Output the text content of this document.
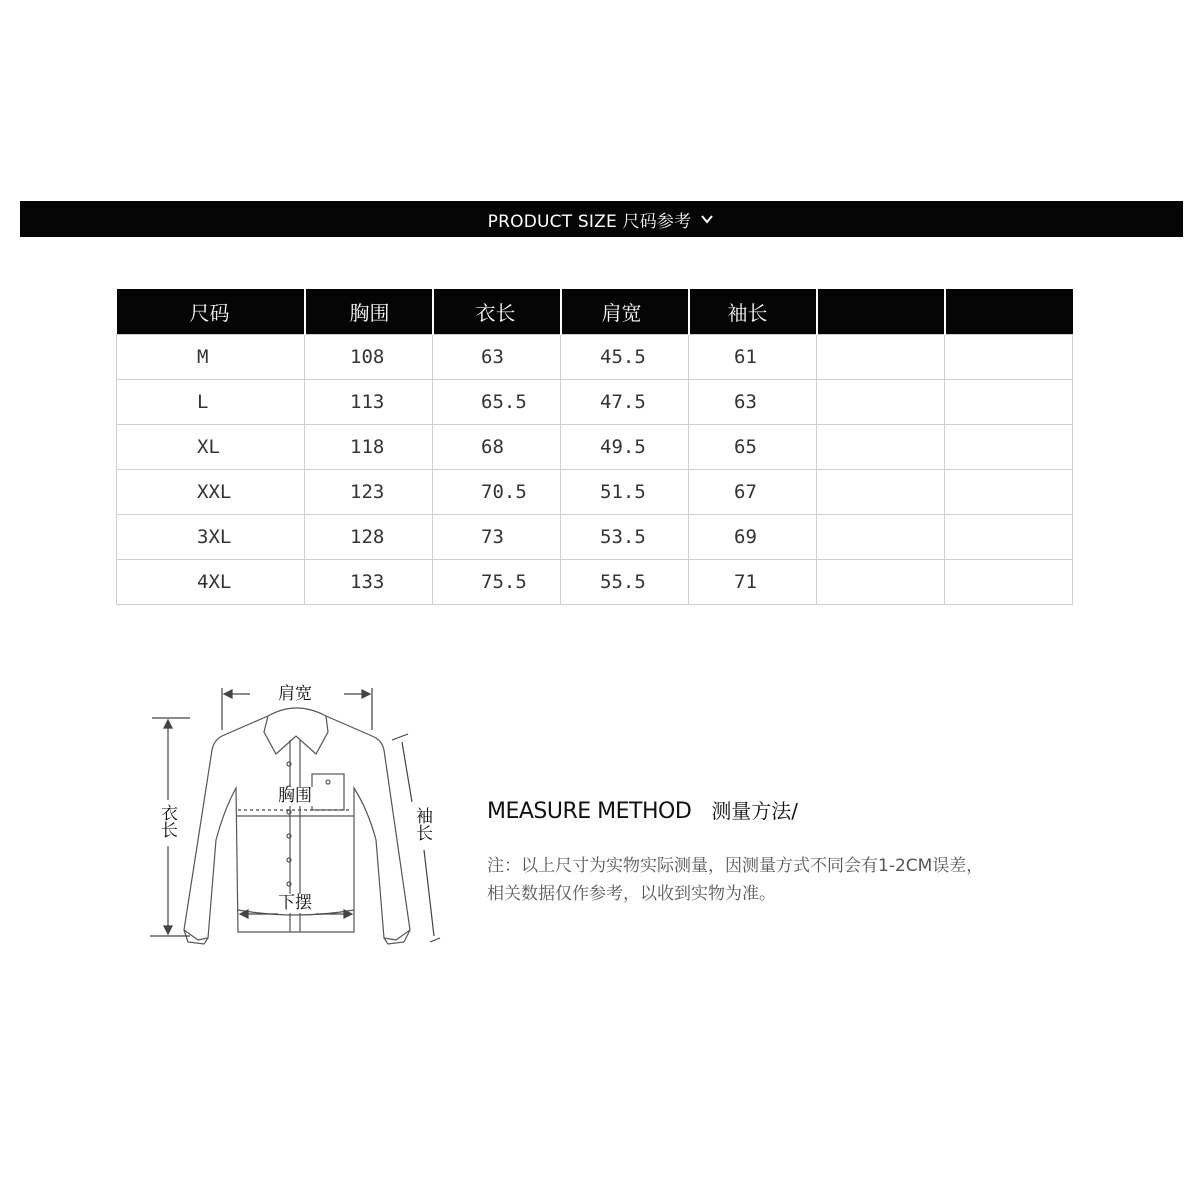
PRODUCT SIZE 尺码参考
尺码	胸围	衣长	肩宽	袖长		
M	108	63	45.5	61		
L	113	65.5	47.5	63		
XL	118	68	49.5	65		
XXL	123	70.5	51.5	67		
3XL	128	73	53.5	69		
4XL	133	75.5	55.5	71		
肩宽
胸围
衣长	袖长
下摆
MEASURE METHOD 测量方法/
注：以上尺寸为实物实际测量，因测量方式不同会有1-2CM误差，
相关数据仅作参考，以收到实物为准。
